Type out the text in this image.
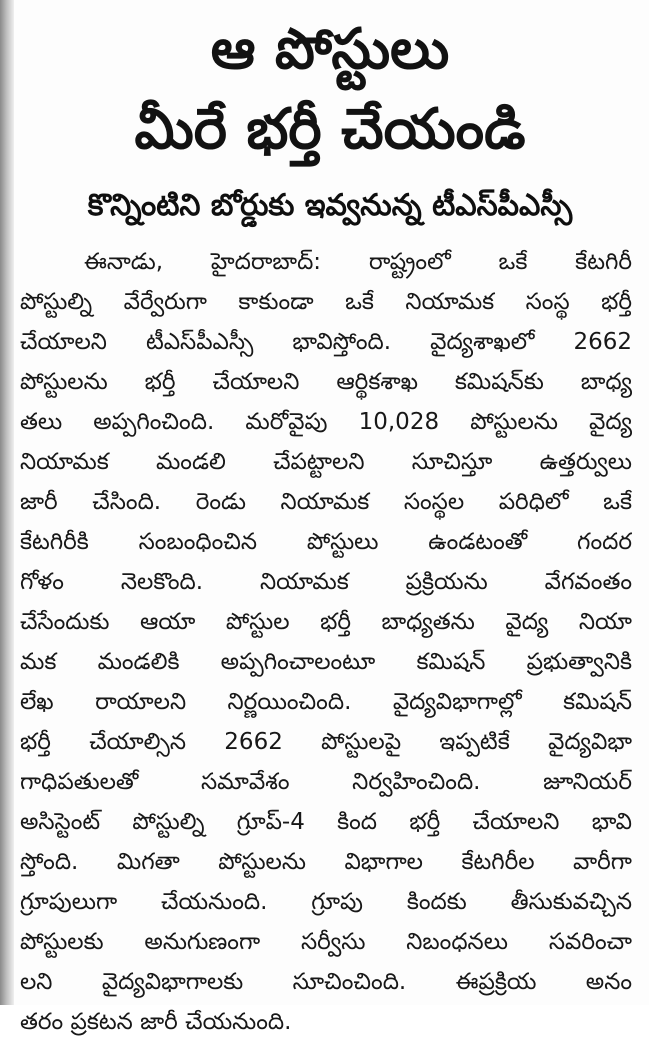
ఆ పోస్టులు
మీరే భర్తీ చేయండి
కొన్నింటిని బోర్డుకు ఇవ్వనున్న టీఎస్‌పీఎస్సీ
ఈనాడు, హైదరాబాద్: రాష్ట్రంలో ఒకే కేటగిరీ
పోస్టుల్ని వేర్వేరుగా కాకుండా ఒకే నియామక సంస్థ భర్తీ
చేయాలని టీఎస్‌పీఎస్సీ భావిస్తోంది. వైద్యశాఖలో 2662
పోస్టులను భర్తీ చేయాలని ఆర్థికశాఖ కమిషన్‌కు బాధ్య
తలు అప్పగించింది. మరోవైపు 10,028 పోస్టులను వైద్య
నియామక మండలి చేపట్టాలని సూచిస్తూ ఉత్తర్వులు
జారీ చేసింది. రెండు నియామక సంస్థల పరిధిలో ఒకే
కేటగిరీకి సంబంధించిన పోస్టులు ఉండటంతో గందర
గోళం నెలకొంది. నియామక ప్రక్రియను వేగవంతం
చేసేందుకు ఆయా పోస్టుల భర్తీ బాధ్యతను వైద్య నియా
మక మండలికి అప్పగించాలంటూ కమిషన్ ప్రభుత్వానికి
లేఖ రాయాలని నిర్ణయించింది. వైద్యవిభాగాల్లో కమిషన్
భర్తీ చేయాల్సిన 2662 పోస్టులపై ఇప్పటికే వైద్యవిభా
గాధిపతులతో సమావేశం నిర్వహించింది. జూనియర్
అసిస్టెంట్ పోస్టుల్ని గ్రూప్-4 కింద భర్తీ చేయాలని భావి
స్తోంది. మిగతా పోస్టులను విభాగాల కేటగిరీల వారీగా
గ్రూపులుగా చేయనుంది. గ్రూపు కిందకు తీసుకువచ్చిన
పోస్టులకు అనుగుణంగా సర్వీసు నిబంధనలు సవరించా
లని వైద్యవిభాగాలకు సూచించింది. ఈప్రక్రియ అనం
తరం ప్రకటన జారీ చేయనుంది.
